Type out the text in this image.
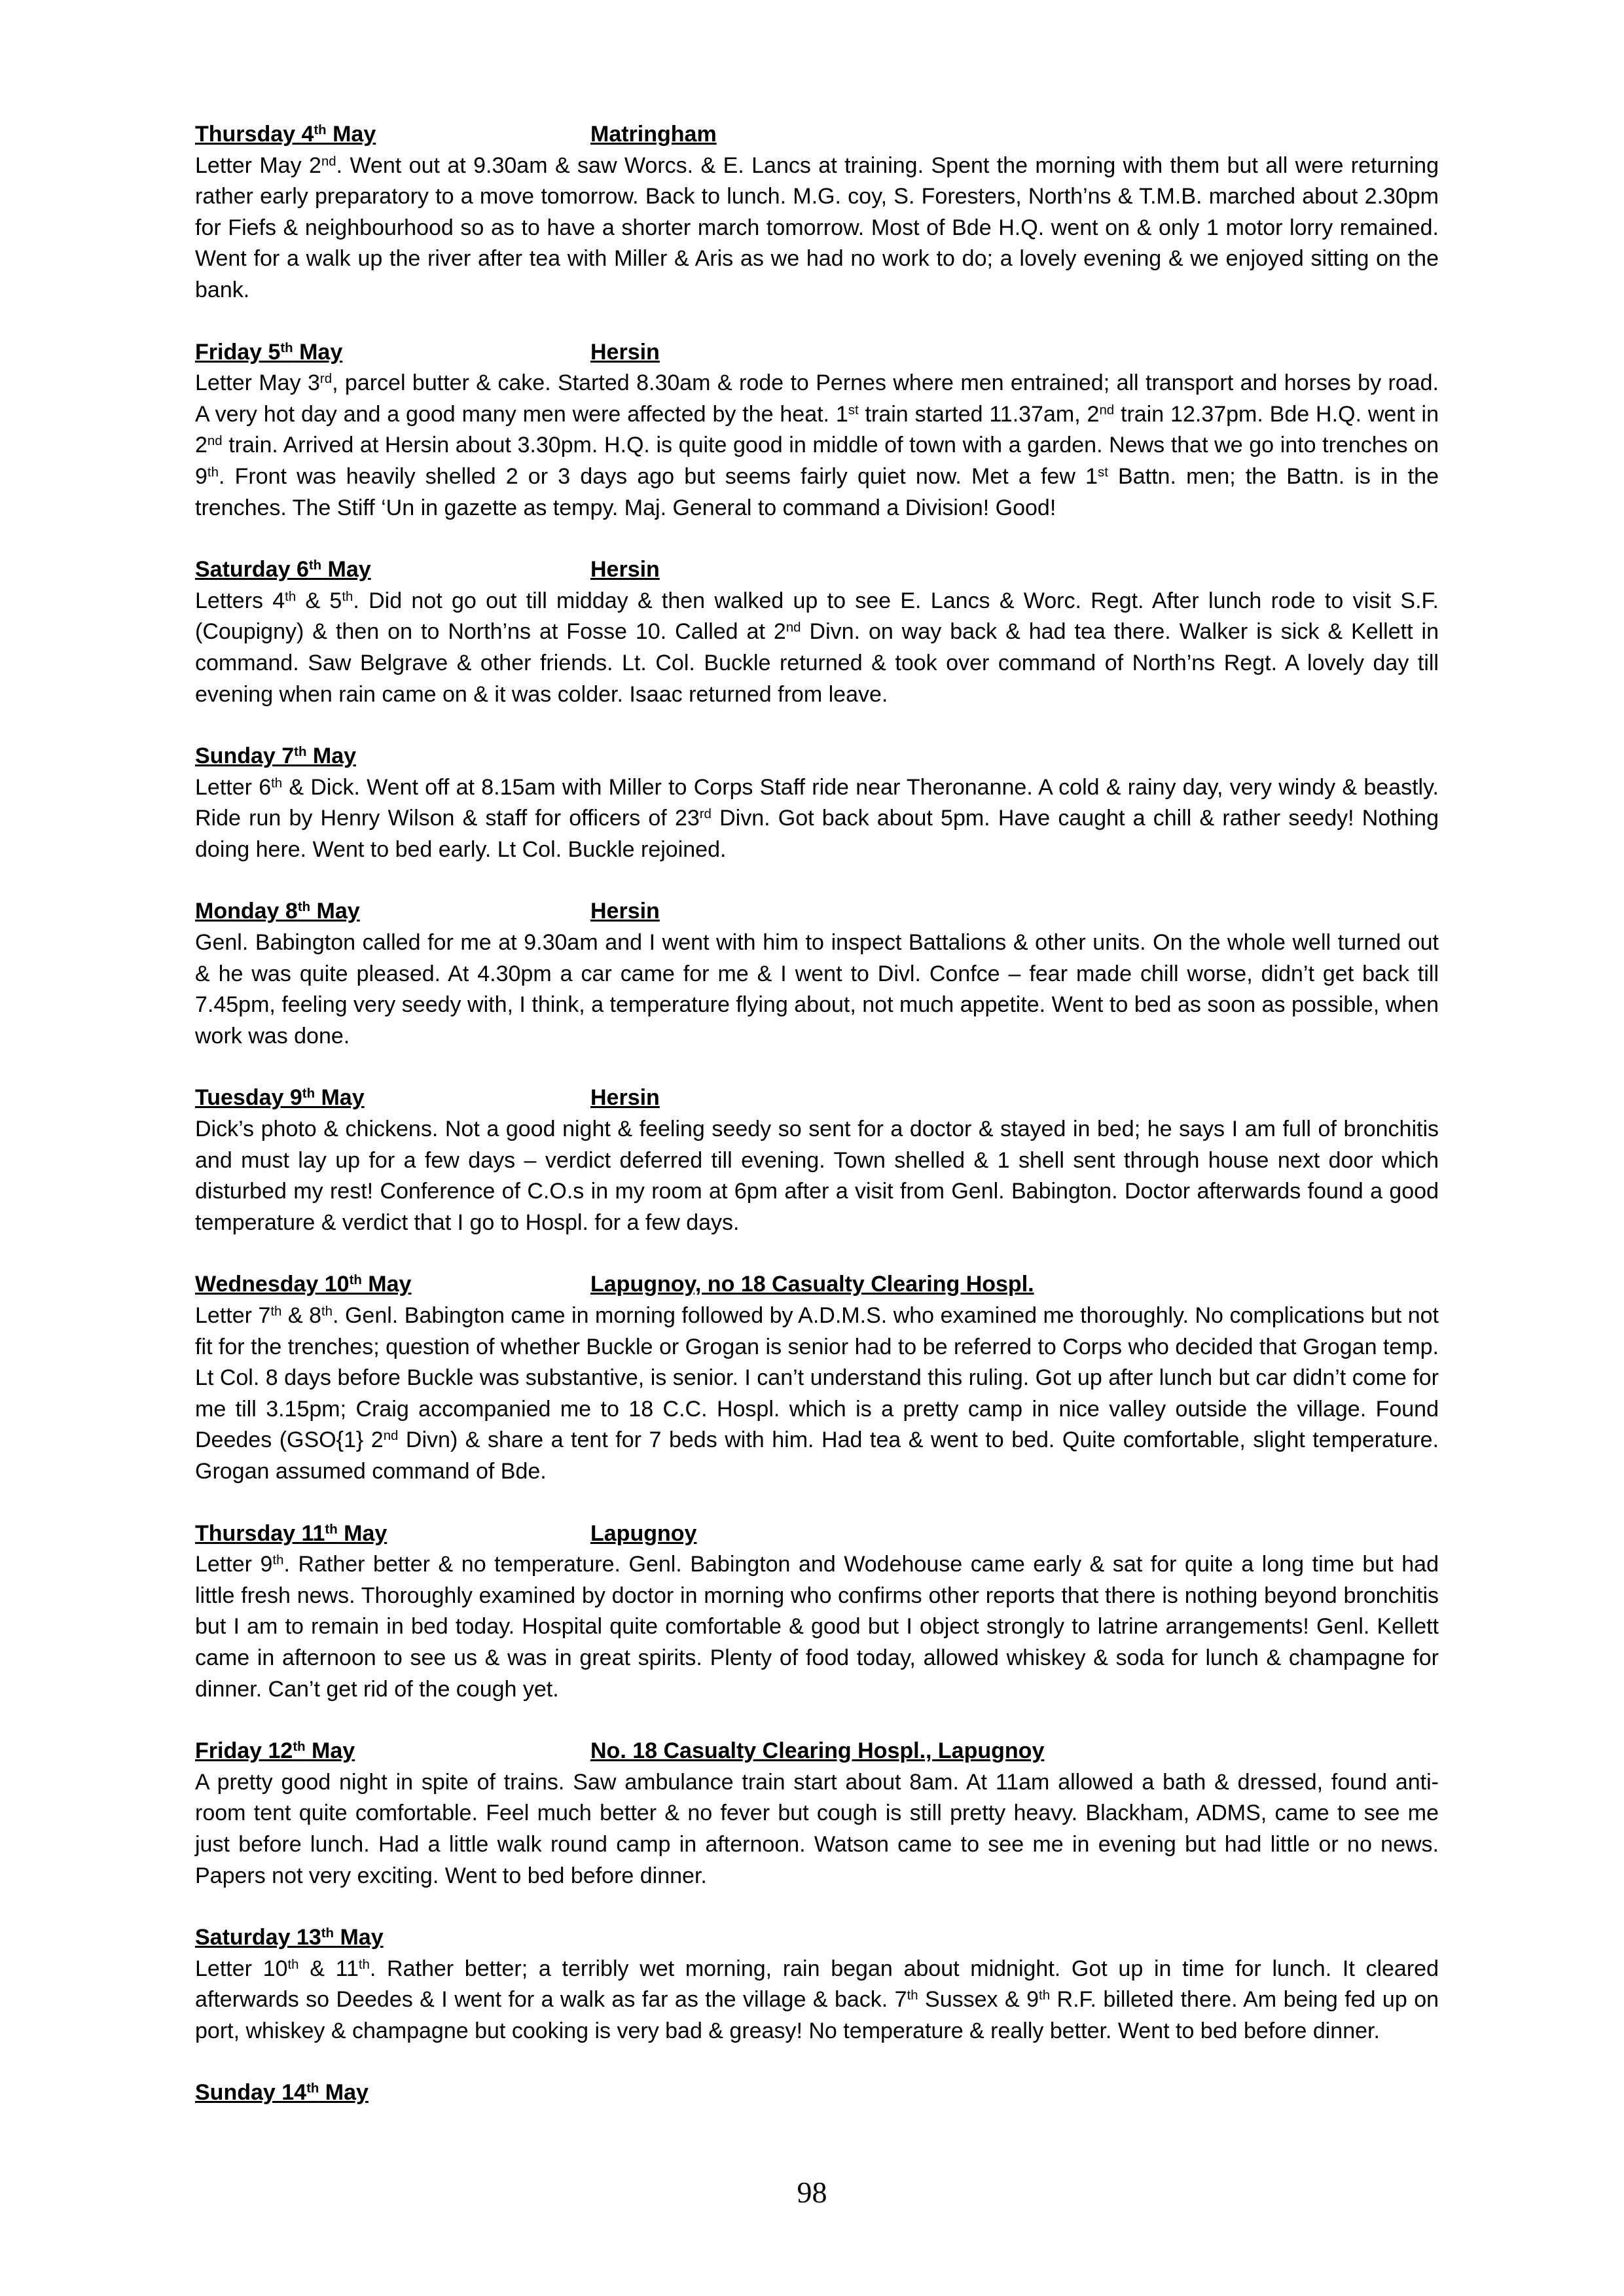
Thursday 4th May	Matringham
Letter May 2nd. Went out at 9.30am & saw Worcs. & E. Lancs at training. Spent the morning with them but all were returning rather early preparatory to a move tomorrow. Back to lunch. M.G. coy, S. Foresters, North’ns & T.M.B. marched about 2.30pm for Fiefs & neighbourhood so as to have a shorter march tomorrow. Most of Bde H.Q. went on & only 1 motor lorry remained. Went for a walk up the river after tea with Miller & Aris as we had no work to do; a lovely evening & we enjoyed sitting on the bank.
Friday 5th May	Hersin
Letter May 3rd, parcel butter & cake. Started 8.30am & rode to Pernes where men entrained; all transport and horses by road. A very hot day and a good many men were affected by the heat. 1st train started 11.37am, 2nd train 12.37pm. Bde H.Q. went in 2nd train. Arrived at Hersin about 3.30pm. H.Q. is quite good in middle of town with a garden. News that we go into trenches on 9th. Front was heavily shelled 2 or 3 days ago but seems fairly quiet now. Met a few 1st Battn. men; the Battn. is in the trenches. The Stiff ‘Un in gazette as tempy. Maj. General to command a Division! Good!
Saturday 6th May	Hersin
Letters 4th & 5th. Did not go out till midday & then walked up to see E. Lancs & Worc. Regt. After lunch rode to visit S.F. (Coupigny) & then on to North’ns at Fosse 10. Called at 2nd Divn. on way back & had tea there. Walker is sick & Kellett in command. Saw Belgrave & other friends. Lt. Col. Buckle returned & took over command of North’ns Regt. A lovely day till evening when rain came on & it was colder. Isaac returned from leave.
Sunday 7th May
Letter 6th & Dick. Went off at 8.15am with Miller to Corps Staff ride near Theronanne. A cold & rainy day, very windy & beastly. Ride run by Henry Wilson & staff for officers of 23rd Divn. Got back about 5pm. Have caught a chill & rather seedy! Nothing doing here. Went to bed early. Lt Col. Buckle rejoined.
Monday 8th May	Hersin
Genl. Babington called for me at 9.30am and I went with him to inspect Battalions & other units. On the whole well turned out & he was quite pleased. At 4.30pm a car came for me & I went to Divl. Confce – fear made chill worse, didn’t get back till 7.45pm, feeling very seedy with, I think, a temperature flying about, not much appetite. Went to bed as soon as possible, when work was done.
Tuesday 9th May	Hersin
Dick’s photo & chickens. Not a good night & feeling seedy so sent for a doctor & stayed in bed; he says I am full of bronchitis and must lay up for a few days – verdict deferred till evening. Town shelled & 1 shell sent through house next door which disturbed my rest! Conference of C.O.s in my room at 6pm after a visit from Genl. Babington. Doctor afterwards found a good temperature & verdict that I go to Hospl. for a few days.
Wednesday 10th May	Lapugnoy, no 18 Casualty Clearing Hospl.
Letter 7th & 8th. Genl. Babington came in morning followed by A.D.M.S. who examined me thoroughly. No complications but not fit for the trenches; question of whether Buckle or Grogan is senior had to be referred to Corps who decided that Grogan temp. Lt Col. 8 days before Buckle was substantive, is senior. I can’t understand this ruling. Got up after lunch but car didn’t come for me till 3.15pm; Craig accompanied me to 18 C.C. Hospl. which is a pretty camp in nice valley outside the village. Found Deedes (GSO{1} 2nd Divn) & share a tent for 7 beds with him. Had tea & went to bed. Quite comfortable, slight temperature. Grogan assumed command of Bde.
Thursday 11th May	Lapugnoy
Letter 9th. Rather better & no temperature. Genl. Babington and Wodehouse came early & sat for quite a long time but had little fresh news. Thoroughly examined by doctor in morning who confirms other reports that there is nothing beyond bronchitis but I am to remain in bed today. Hospital quite comfortable & good but I object strongly to latrine arrangements! Genl. Kellett came in afternoon to see us & was in great spirits. Plenty of food today, allowed whiskey & soda for lunch & champagne for dinner. Can’t get rid of the cough yet.
Friday 12th May	No. 18 Casualty Clearing Hospl., Lapugnoy
A pretty good night in spite of trains. Saw ambulance train start about 8am. At 11am allowed a bath & dressed, found anti-room tent quite comfortable. Feel much better & no fever but cough is still pretty heavy. Blackham, ADMS, came to see me just before lunch. Had a little walk round camp in afternoon. Watson came to see me in evening but had little or no news. Papers not very exciting. Went to bed before dinner.
Saturday 13th May
Letter 10th & 11th. Rather better; a terribly wet morning, rain began about midnight. Got up in time for lunch. It cleared afterwards so Deedes & I went for a walk as far as the village & back. 7th Sussex & 9th R.F. billeted there. Am being fed up on port, whiskey & champagne but cooking is very bad & greasy! No temperature & really better. Went to bed before dinner.
Sunday 14th May
98
